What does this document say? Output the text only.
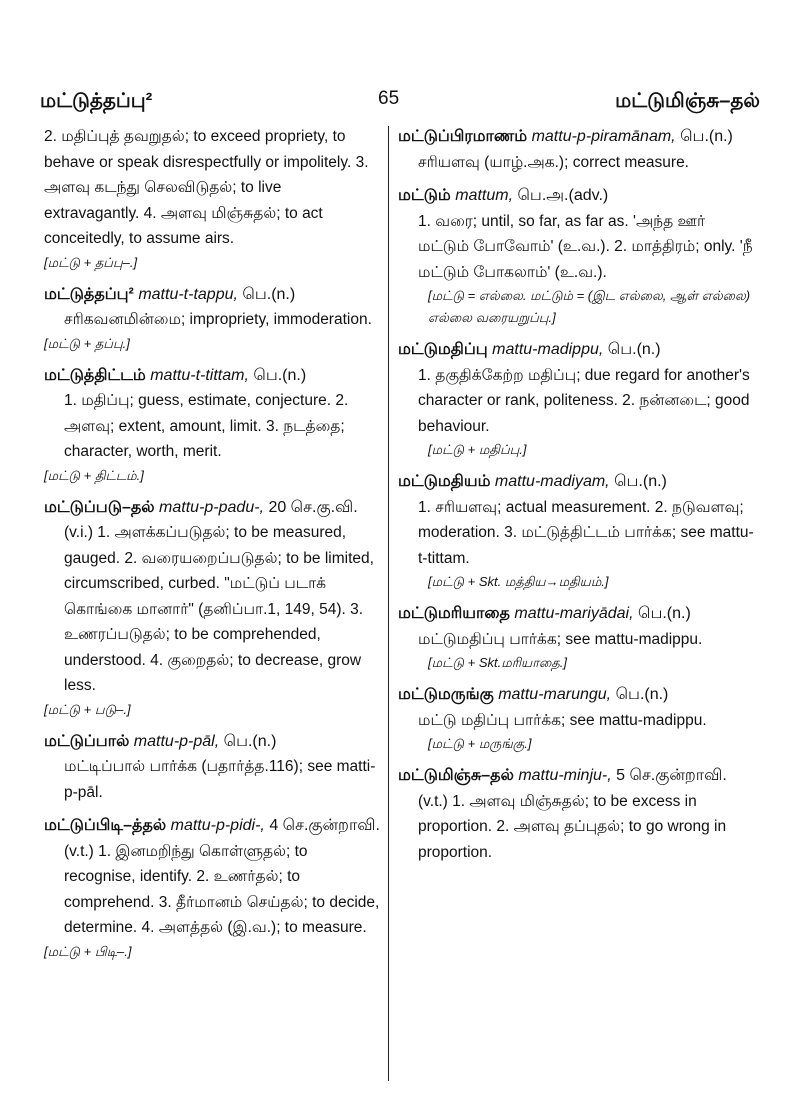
மட்டுத்தப்பு²	65	மட்டுமிஞ்சு–தல்

2. மதிப்புத் தவறுதல்; to exceed propriety, to behave or speak disrespectfully or impolitely. 3. அளவு கடந்து செலவிடுதல்; to live extravagantly. 4. அளவு மிஞ்சுதல்; to act conceitedly, to assume airs.

[மட்டு + தப்பு–.]

மட்டுத்தப்பு² mattu-t-tappu, பெ.(n.)

சரிகவனமின்மை; impropriety, immoderation.

[மட்டு + தப்பு.]

மட்டுத்திட்டம் mattu-t-tittam, பெ.(n.)

1. மதிப்பு; guess, estimate, conjecture. 2. அளவு; extent, amount, limit. 3. நடத்தை; character, worth, merit.

[மட்டு + திட்டம்.]

மட்டுப்படு–தல் mattu-p-padu-, 20 செ.கு.வி.

(v.i.) 1. அளக்கப்படுதல்; to be measured, gauged. 2. வரையறைப்படுதல்; to be limited, circumscribed, curbed. "மட்டுப் படாக் கொங்கை மானார்" (தனிப்பா.1, 149, 54). 3. உணரப்படுதல்; to be comprehended, understood. 4. குறைதல்; to decrease, grow less.

[மட்டு + படு–.]

மட்டுப்பால் mattu-p-pāl, பெ.(n.)

மட்டிப்பால் பார்க்க (பதார்த்த.116); see matti-p-pāl.

மட்டுப்பிடி–த்தல் mattu-p-pidi-, 4 செ.குன்றாவி.

(v.t.) 1. இனமறிந்து கொள்ளுதல்; to recognise, identify. 2. உணர்தல்; to comprehend. 3. தீர்மானம் செய்தல்; to decide, determine. 4. அளத்தல் (இ.வ.); to measure.

[மட்டு + பிடி–.]

மட்டுப்பிரமாணம் mattu-p-piramānam, பெ.(n.)

சரியளவு (யாழ்.அக.); correct measure.

மட்டும் mattum, பெ.அ.(adv.)

1. வரை; until, so far, as far as. 'அந்த ஊர் மட்டும் போவோம்' (உ.வ.). 2. மாத்திரம்; only. 'நீ மட்டும் போகலாம்' (உ.வ.).

[மட்டு = எல்லை. மட்டும் = (இட எல்லை, ஆள் எல்லை) எல்லை வரையறுப்பு.]

மட்டுமதிப்பு mattu-madippu, பெ.(n.)

1. தகுதிக்கேற்ற மதிப்பு; due regard for another's character or rank, politeness. 2. நன்னடை; good behaviour.

[மட்டு + மதிப்பு.]

மட்டுமதியம் mattu-madiyam, பெ.(n.)

1. சரியளவு; actual measurement. 2. நடுவளவு; moderation. 3. மட்டுத்திட்டம் பார்க்க; see mattu-t-tittam.

[மட்டு + Skt. மத்திய→மதியம்.]

மட்டுமரியாதை mattu-mariyādai, பெ.(n.)

மட்டுமதிப்பு பார்க்க; see mattu-madippu.

[மட்டு + Skt.மரியாதை.]

மட்டுமருங்கு mattu-marungu, பெ.(n.)

மட்டு மதிப்பு பார்க்க; see mattu-madippu.

[மட்டு + மருங்கு.]

மட்டுமிஞ்சு–தல் mattu-minju-, 5 செ.குன்றாவி.

(v.t.) 1. அளவு மிஞ்சுதல்; to be excess in proportion. 2. அளவு தப்புதல்; to go wrong in proportion.
